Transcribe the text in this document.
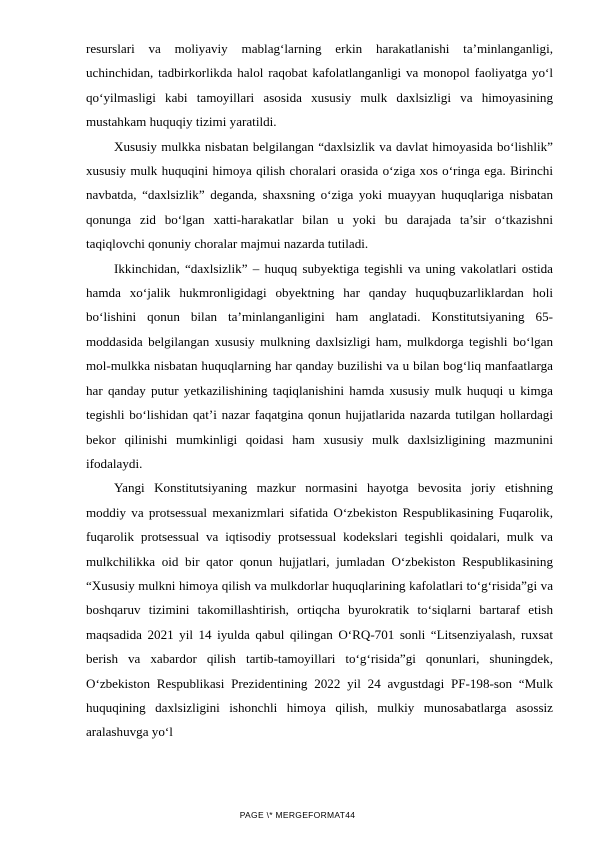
resurslari va moliyaviy mablag‘larning erkin harakatlanishi ta’minlanganligi, uchinchidan, tadbirkorlikda halol raqobat kafolatlanganligi va monopol faoliyatga yo‘l qo‘yilmasligi kabi tamoyillari asosida xususiy mulk daxlsizligi va himoyasining mustahkam huquqiy tizimi yaratildi.

Xususiy mulkka nisbatan belgilangan “daxlsizlik va davlat himoyasida bo‘lishlik” xususiy mulk huquqini himoya qilish choralari orasida o‘ziga xos o‘ringa ega. Birinchi navbatda, “daxlsizlik” deganda, shaxsning o‘ziga yoki muayyan huquqlariga nisbatan qonunga zid bo‘lgan xatti-harakatlar bilan u yoki bu darajada ta’sir o‘tkazishni taqiqlovchi qonuniy choralar majmui nazarda tutiladi.

Ikkinchidan, “daxlsizlik” – huquq subyektiga tegishli va uning vakolatlari ostida hamda xo‘jalik hukmronligidagi obyektning har qanday huquqbuzarliklardan holi bo‘lishini qonun bilan ta’minlanganligini ham anglatadi. Konstitutsiyaning 65-moddasida belgilangan xususiy mulkning daxlsizligi ham, mulkdorga tegishli bo‘lgan mol-mulkka nisbatan huquqlarning har qanday buzilishi va u bilan bog‘liq manfaatlarga har qanday putur yetkazilishining taqiqlanishini hamda xususiy mulk huquqi u kimga tegishli bo‘lishidan qat’i nazar faqatgina qonun hujjatlarida nazarda tutilgan hollardagi bekor qilinishi mumkinligi qoidasi ham xususiy mulk daxlsizligining mazmunini ifodalaydi.

Yangi Konstitutsiyaning mazkur normasini hayotga bevosita joriy etishning moddiy va protsessual mexanizmlari sifatida O‘zbekiston Respublikasining Fuqarolik, fuqarolik protsessual va iqtisodiy protsessual kodekslari tegishli qoidalari, mulk va mulkchilikka oid bir qator qonun hujjatlari, jumladan O‘zbekiston Respublikasining “Xususiy mulkni himoya qilish va mulkdorlar huquqlarining kafolatlari to‘g‘risida”gi va boshqaruv tizimini takomillashtirish, ortiqcha byurokratik to‘siqlarni bartaraf etish maqsadida 2021 yil 14 iyulda qabul qilingan O‘RQ-701 sonli “Litsenziyalash, ruxsat berish va xabardor qilish tartib-tamoyillari to‘g‘risida”gi qonunlari, shuningdek, O‘zbekiston Respublikasi Prezidentining 2022 yil 24 avgustdagi PF-198-son “Mulk huquqining daxlsizligini ishonchli himoya qilish, mulkiy munosabatlarga asossiz aralashuvga yo‘l

PAGE \* MERGEFORMAT44
